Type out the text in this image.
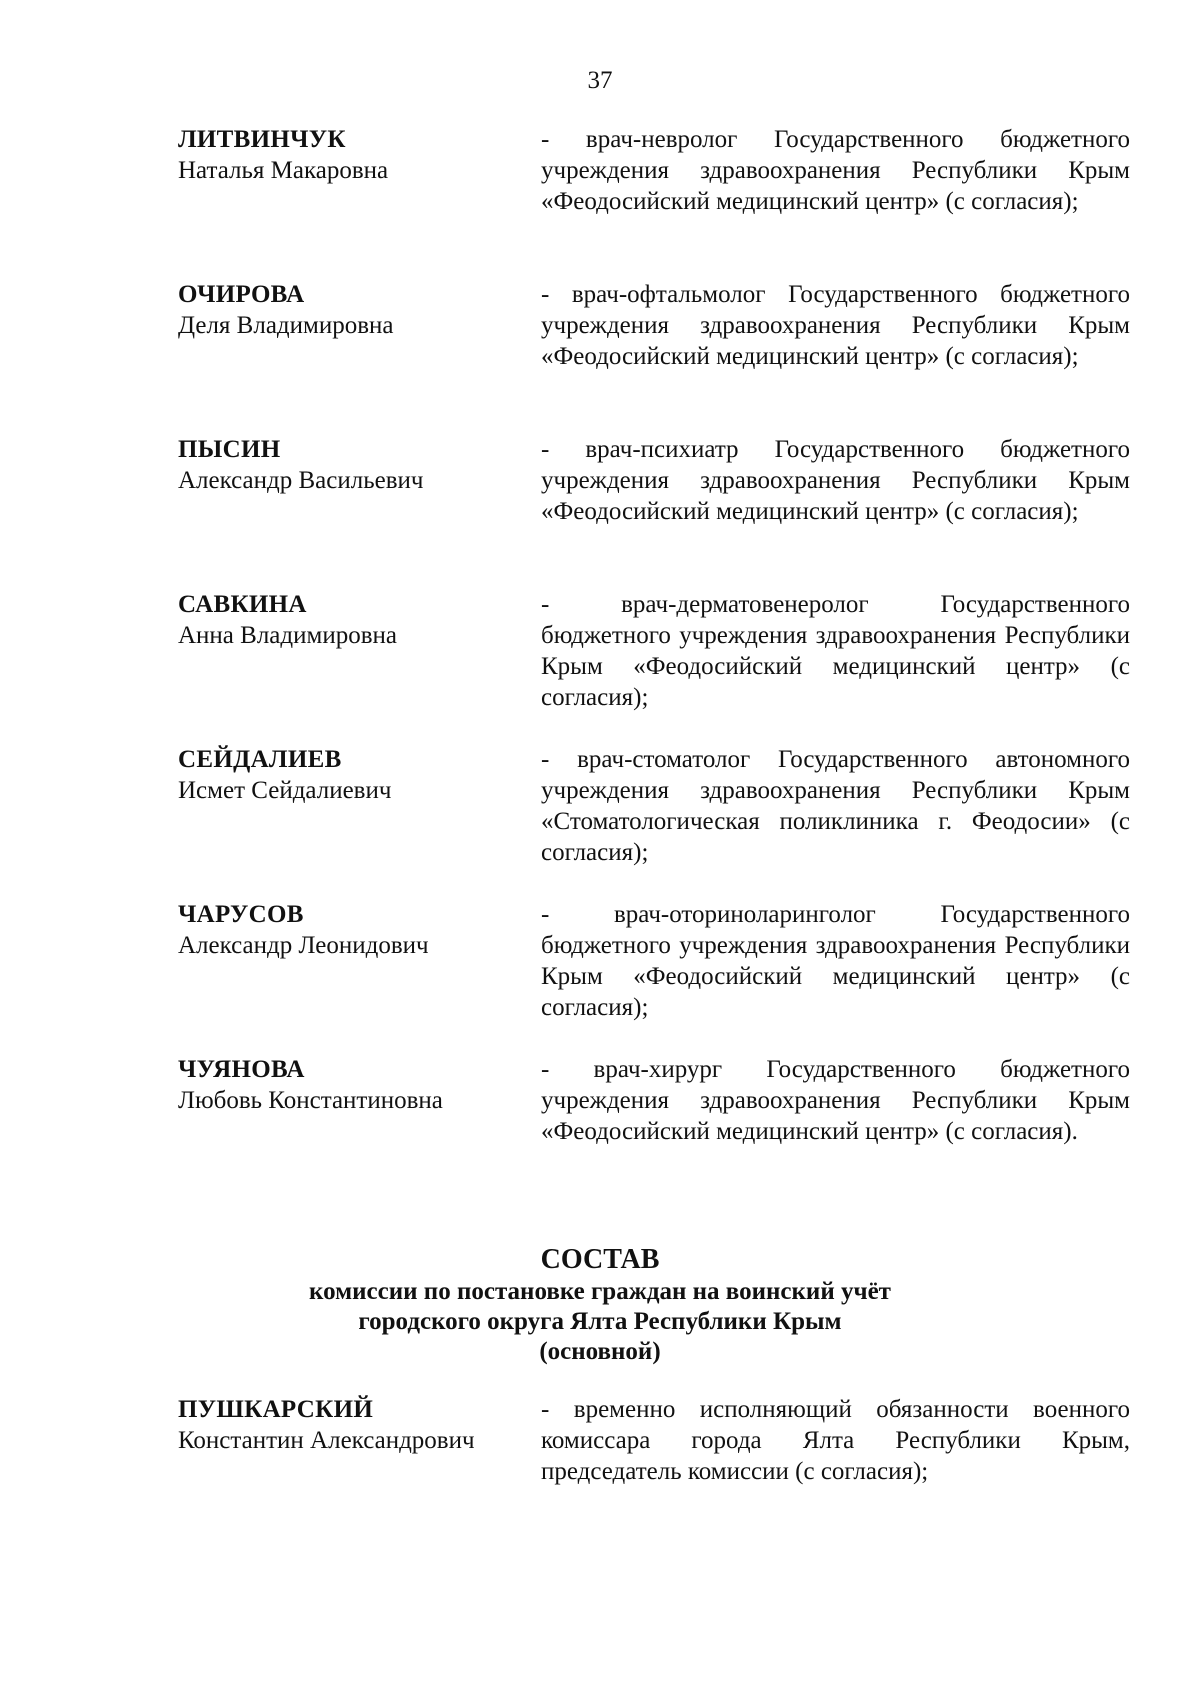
37
ЛИТВИНЧУК
Наталья Макаровна
- врач-невролог Государственного бюджетного учреждения здравоохранения Республики Крым «Феодосийский медицинский центр» (с согласия);
ОЧИРОВА
Деля Владимировна
- врач-офтальмолог Государственного бюджетного учреждения здравоохранения Республики Крым «Феодосийский медицинский центр» (с согласия);
ПЫСИН
Александр Васильевич
- врач-психиатр Государственного бюджетного учреждения здравоохранения Республики Крым «Феодосийский медицинский центр» (с согласия);
САВКИНА
Анна Владимировна
- врач-дерматовенеролог Государственного бюджетного учреждения здравоохранения Республики Крым «Феодосийский медицинский центр» (с согласия);
СЕЙДАЛИЕВ
Исмет Сейдалиевич
- врач-стоматолог Государственного автономного учреждения здравоохранения Республики Крым «Стоматологическая поликлиника г. Феодосии» (с согласия);
ЧАРУСОВ
Александр Леонидович
- врач-оториноларинголог Государственного бюджетного учреждения здравоохранения Республики Крым «Феодосийский медицинский центр» (с согласия);
ЧУЯНОВА
Любовь Константиновна
- врач-хирург Государственного бюджетного учреждения здравоохранения Республики Крым «Феодосийский медицинский центр» (с согласия).
СОСТАВ
комиссии по постановке граждан на воинский учёт
городского округа Ялта Республики Крым
(основной)
ПУШКАРСКИЙ
Константин Александрович
- временно исполняющий обязанности военного комиссара города Ялта Республики Крым, председатель комиссии (с согласия);
